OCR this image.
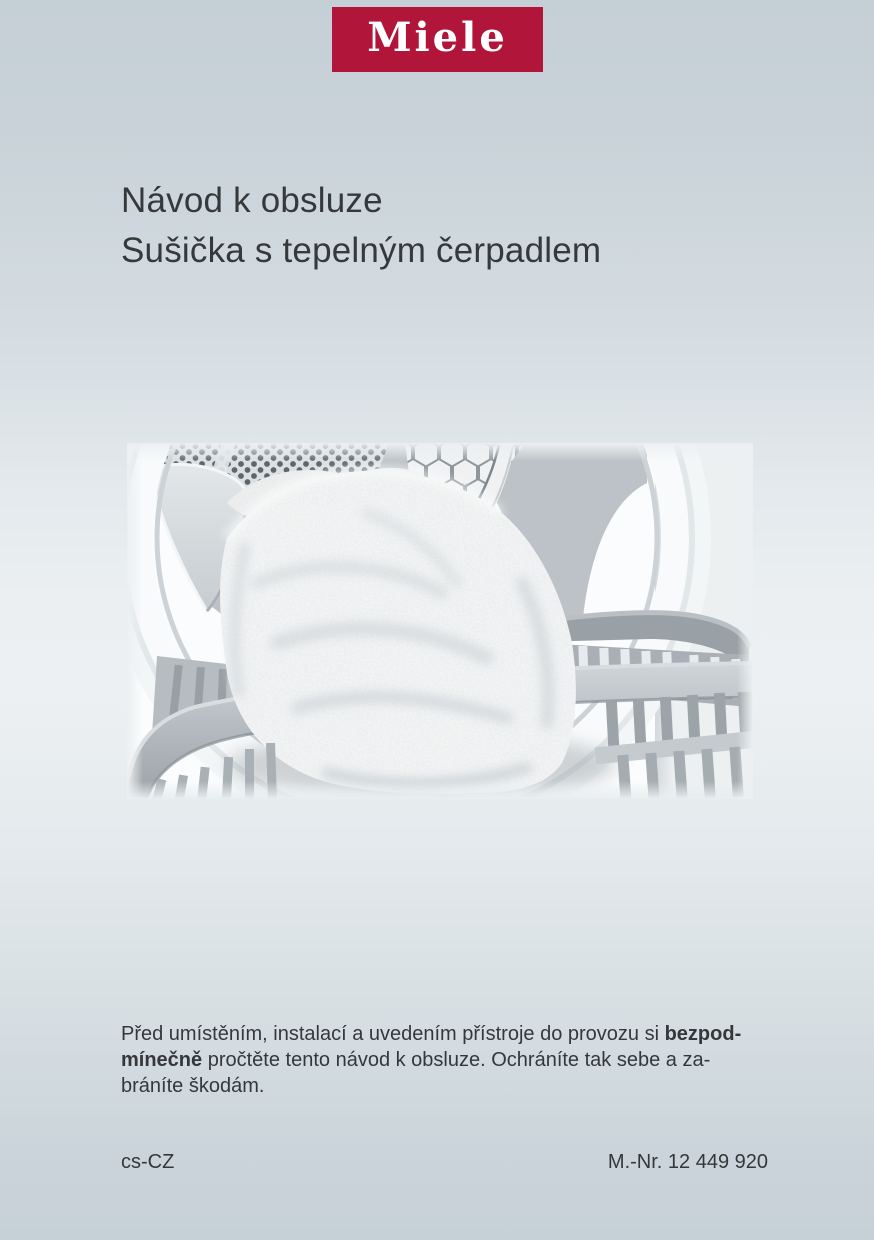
Miele
Návod k obsluze
Sušička s tepelným čerpadlem

Před umístěním, instalací a uvedením přístroje do provozu si bezpod-
mínečně pročtěte tento návod k obsluze. Ochráníte tak sebe a za-
bráníte škodám.

cs-CZ	M.-Nr. 12 449 920
